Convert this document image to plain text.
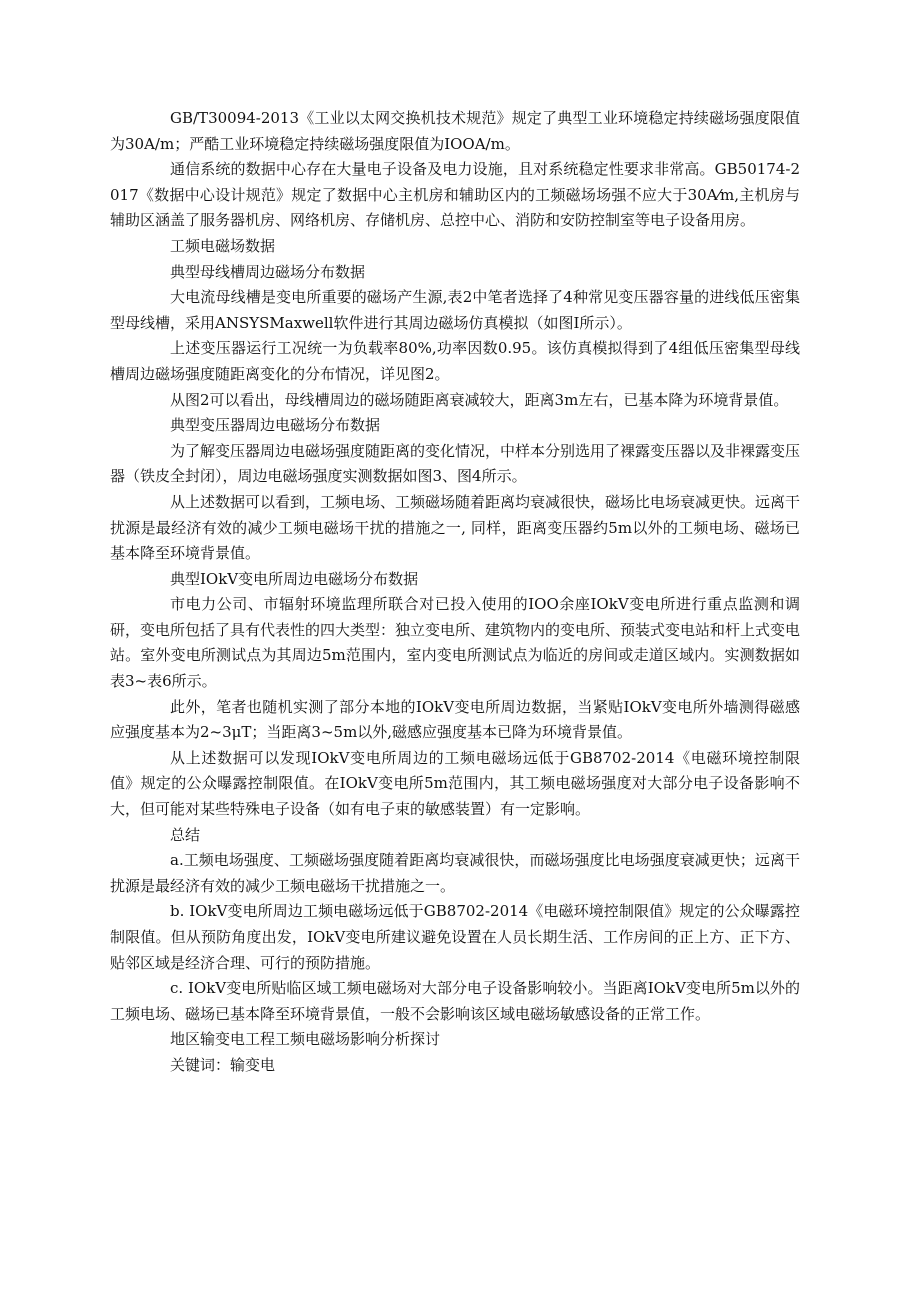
GB/T30094-2013《工业以太网交换机技术规范》规定了典型工业环境稳定持续磁场强度限值为30A/m；严酷工业环境稳定持续磁场强度限值为IOOA/m。

通信系统的数据中心存在大量电子设备及电力设施，且对系统稳定性要求非常高。GB50174-2017《数据中心设计规范》规定了数据中心主机房和辅助区内的工频磁场场强不应大于30A⁄m,主机房与辅助区涵盖了服务器机房、网络机房、存储机房、总控中心、消防和安防控制室等电子设备用房。

工频电磁场数据

典型母线槽周边磁场分布数据

大电流母线槽是变电所重要的磁场产生源,表2中笔者选择了4种常见变压器容量的进线低压密集型母线槽，采用ANSYSMaxwell软件进行其周边磁场仿真模拟（如图I所示）。

上述变压器运行工况统一为负载率80%,功率因数0.95。该仿真模拟得到了4组低压密集型母线槽周边磁场强度随距离变化的分布情况，详见图2。

从图2可以看出，母线槽周边的磁场随距离衰减较大，距离3m左右，已基本降为环境背景值。

典型变压器周边电磁场分布数据

为了解变压器周边电磁场强度随距离的变化情况，中样本分别选用了裸露变压器以及非裸露变压器（铁皮全封闭），周边电磁场强度实测数据如图3、图4所示。

从上述数据可以看到，工频电场、工频磁场随着距离均衰减很快，磁场比电场衰减更快。远离干扰源是最经济有效的减少工频电磁场干扰的措施之一, 同样，距离变压器约5m以外的工频电场、磁场已基本降至环境背景值。

典型IOkV变电所周边电磁场分布数据

市电力公司、市辐射环境监理所联合对已投入使用的IOO余座IOkV变电所进行重点监测和调研，变电所包括了具有代表性的四大类型：独立变电所、建筑物内的变电所、预装式变电站和杆上式变电站。室外变电所测试点为其周边5m范围内，室内变电所测试点为临近的房间或走道区域内。实测数据如表3~表6所示。

此外，笔者也随机实测了部分本地的IOkV变电所周边数据，当紧贴IOkV变电所外墙测得磁感应强度基本为2~3μT；当距离3~5m以外,磁感应强度基本已降为环境背景值。

从上述数据可以发现IOkV变电所周边的工频电磁场远低于GB8702-2014《电磁环境控制限值》规定的公众曝露控制限值。在IOkV变电所5m范围内，其工频电磁场强度对大部分电子设备影响不大，但可能对某些特殊电子设备（如有电子束的敏感装置）有一定影响。

总结

a.工频电场强度、工频磁场强度随着距离均衰减很快，而磁场强度比电场强度衰减更快；远离干扰源是最经济有效的减少工频电磁场干扰措施之一。

b. IOkV变电所周边工频电磁场远低于GB8702-2014《电磁环境控制限值》规定的公众曝露控制限值。但从预防角度出发，IOkV变电所建议避免设置在人员长期生活、工作房间的正上方、正下方、贴邻区域是经济合理、可行的预防措施。

c. IOkV变电所贴临区域工频电磁场对大部分电子设备影响较小。当距离IOkV变电所5m以外的工频电场、磁场已基本降至环境背景值，一般不会影响该区域电磁场敏感设备的正常工作。

地区输变电工程工频电磁场影响分析探讨

关键词：输变电
